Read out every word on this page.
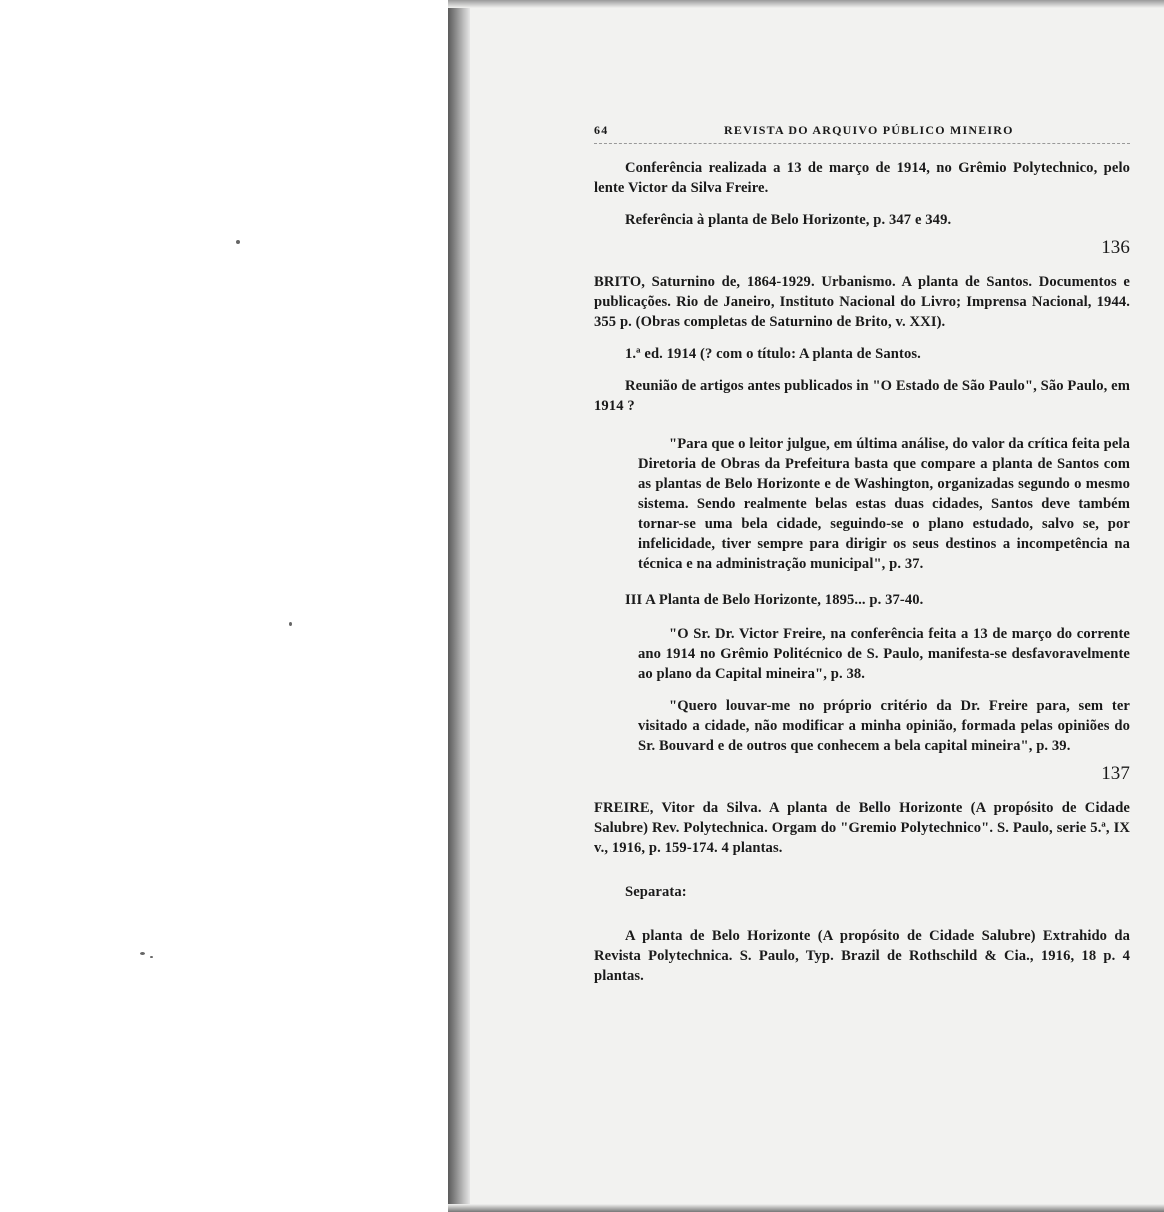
64	REVISTA DO ARQUIVO PÚBLICO MINEIRO

Conferência realizada a 13 de março de 1914, no Grêmio Polytechnico, pelo lente Victor da Silva Freire.

Referência à planta de Belo Horizonte, p. 347 e 349.

136

BRITO, Saturnino de, 1864-1929. Urbanismo. A planta de Santos. Documentos e publicações. Rio de Janeiro, Instituto Nacional do Livro; Imprensa Nacional, 1944. 355 p. (Obras completas de Saturnino de Brito, v. XXI).

1.ª ed. 1914 (? com o título: A planta de Santos.

Reunião de artigos antes publicados in "O Estado de São Paulo", São Paulo, em 1914 ?

"Para que o leitor julgue, em última análise, do valor da crítica feita pela Diretoria de Obras da Prefeitura basta que compare a planta de Santos com as plantas de Belo Horizonte e de Washington, organizadas segundo o mesmo sistema. Sendo realmente belas estas duas cidades, Santos deve também tornar-se uma bela cidade, seguindo-se o plano estudado, salvo se, por infelicidade, tiver sempre para dirigir os seus destinos a incompetência na técnica e na administração municipal", p. 37.

III A Planta de Belo Horizonte, 1895... p. 37-40.

"O Sr. Dr. Victor Freire, na conferência feita a 13 de março do corrente ano 1914 no Grêmio Politécnico de S. Paulo, manifesta-se desfavoravelmente ao plano da Capital mineira", p. 38.

"Quero louvar-me no próprio critério da Dr. Freire para, sem ter visitado a cidade, não modificar a minha opinião, formada pelas opiniões do Sr. Bouvard e de outros que conhecem a bela capital mineira", p. 39.

137

FREIRE, Vitor da Silva. A planta de Bello Horizonte (A propósito de Cidade Salubre) Rev. Polytechnica. Orgam do "Gremio Polytechnico". S. Paulo, serie 5.ª, IX v., 1916, p. 159-174. 4 plantas.

Separata:

A planta de Belo Horizonte (A propósito de Cidade Salubre) Extrahido da Revista Polytechnica. S. Paulo, Typ. Brazil de Rothschild & Cia., 1916, 18 p. 4 plantas.
